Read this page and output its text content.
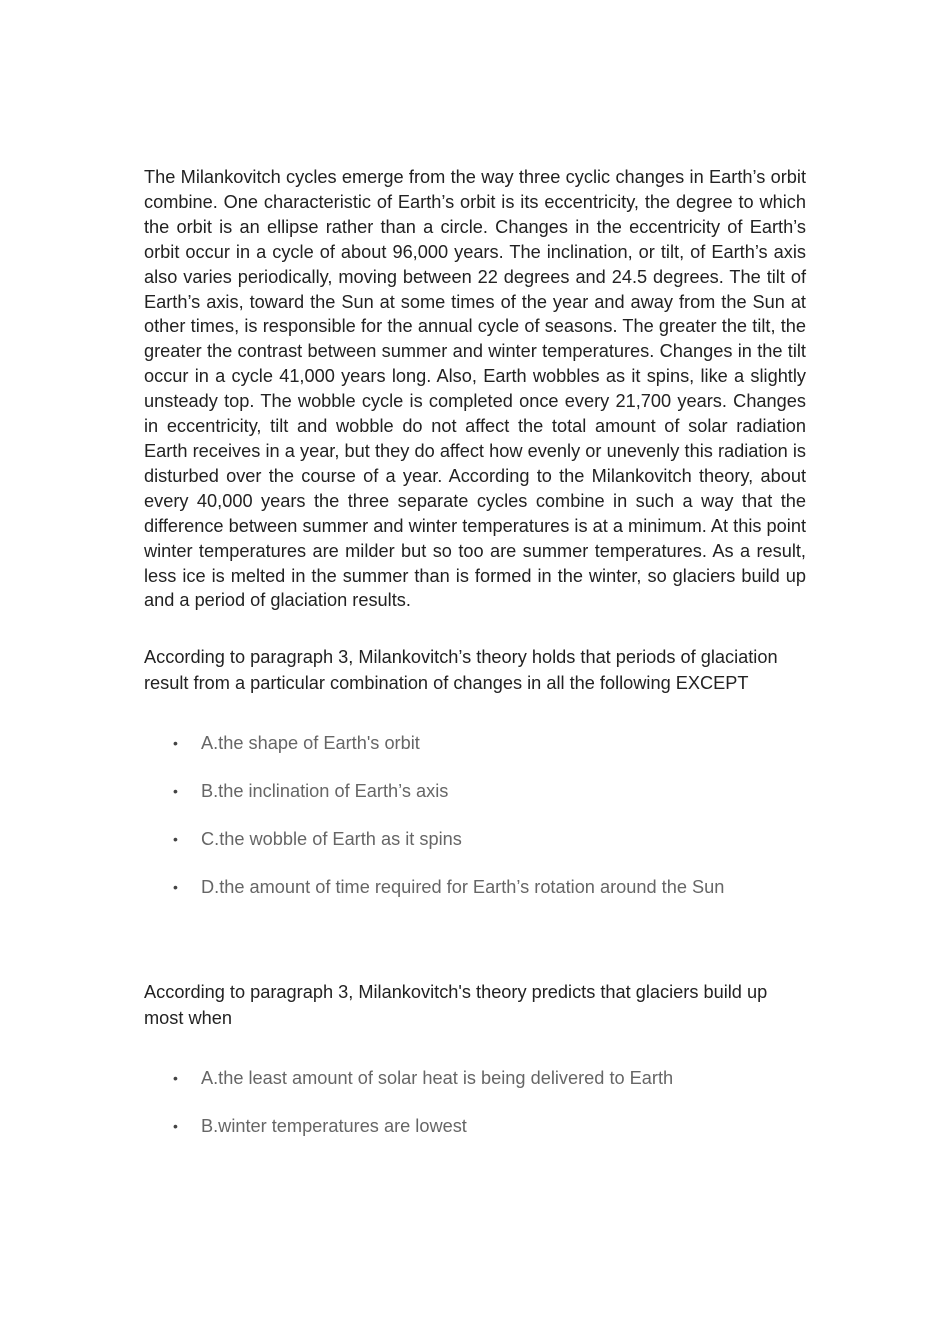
The Milankovitch cycles emerge from the way three cyclic changes in Earth’s orbit combine. One characteristic of Earth’s orbit is its eccentricity, the degree to which the orbit is an ellipse rather than a circle. Changes in the eccentricity of Earth’s orbit occur in a cycle of about 96,000 years. The inclination, or tilt, of Earth’s axis also varies periodically, moving between 22 degrees and 24.5 degrees. The tilt of Earth’s axis, toward the Sun at some times of the year and away from the Sun at other times, is responsible for the annual cycle of seasons. The greater the tilt, the greater the contrast between summer and winter temperatures. Changes in the tilt occur in a cycle 41,000 years long. Also, Earth wobbles as it spins, like a slightly unsteady top. The wobble cycle is completed once every 21,700 years. Changes in eccentricity, tilt and wobble do not affect the total amount of solar radiation Earth receives in a year, but they do affect how evenly or unevenly this radiation is disturbed over the course of a year. According to the Milankovitch theory, about every 40,000 years the three separate cycles combine in such a way that the difference between summer and winter temperatures is at a minimum. At this point winter temperatures are milder but so too are summer temperatures. As a result, less ice is melted in the summer than is formed in the winter, so glaciers build up and a period of glaciation results.

According to paragraph 3, Milankovitch’s theory holds that periods of glaciation result from a particular combination of changes in all the following EXCEPT

• A.the shape of Earth's orbit
• B.the inclination of Earth’s axis
• C.the wobble of Earth as it spins
• D.the amount of time required for Earth’s rotation around the Sun

According to paragraph 3, Milankovitch's theory predicts that glaciers build up most when

• A.the least amount of solar heat is being delivered to Earth
• B.winter temperatures are lowest
